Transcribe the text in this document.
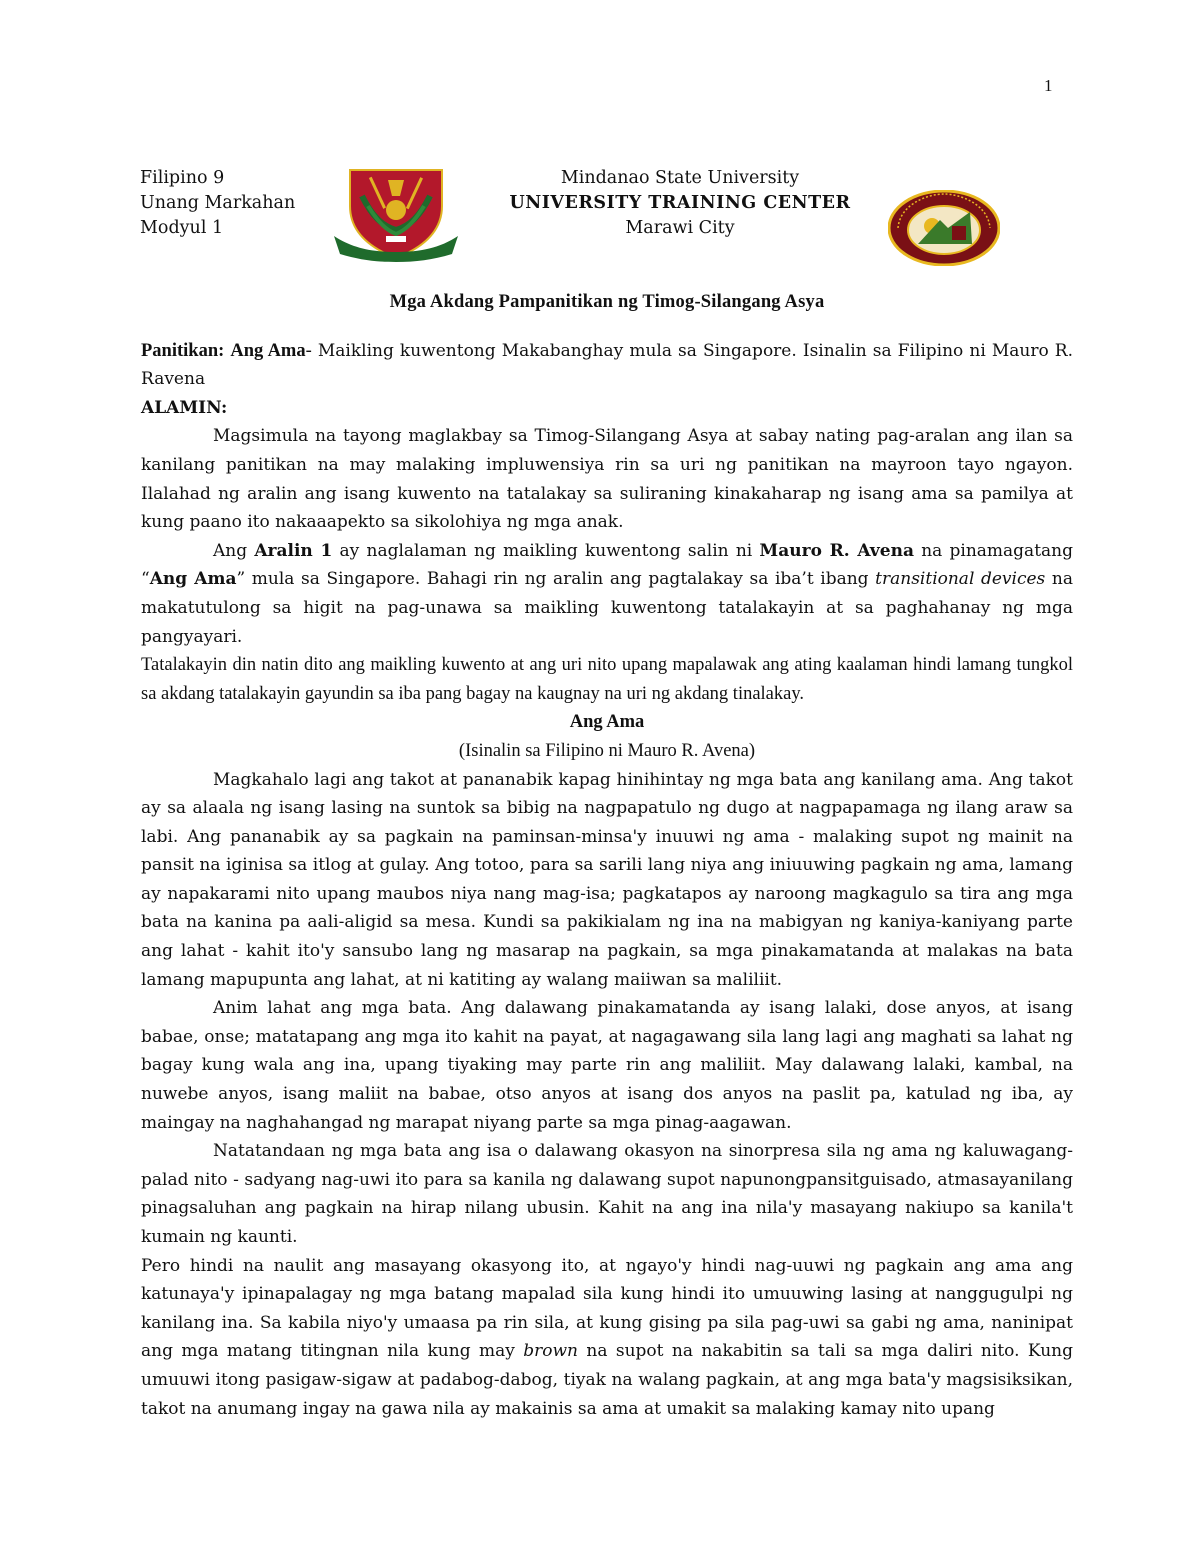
1
Filipino 9
Unang Markahan
Modyul 1
Mindanao State University
UNIVERSITY TRAINING CENTER
Marawi City

Mga Akdang Pampanitikan ng Timog-Silangang Asya

Panitikan: Ang Ama- Maikling kuwentong Makabanghay mula sa Singapore. Isinalin sa Filipino ni Mauro R. Ravena

ALAMIN:

Magsimula na tayong maglakbay sa Timog-Silangang Asya at sabay nating pag-aralan ang ilan sa kanilang panitikan na may malaking impluwensiya rin sa uri ng panitikan na mayroon tayo ngayon. Ilalahad ng aralin ang isang kuwento na tatalakay sa suliraning kinakaharap ng isang ama sa pamilya at kung paano ito nakaaapekto sa sikolohiya ng mga anak.

Ang Aralin 1 ay naglalaman ng maikling kuwentong salin ni Mauro R. Avena na pinamagatang “Ang Ama” mula sa Singapore. Bahagi rin ng aralin ang pagtalakay sa iba’t ibang transitional devices na makatutulong sa higit na pag-unawa sa maikling kuwentong tatalakayin at sa paghahanay ng mga pangyayari.

Tatalakayin din natin dito ang maikling kuwento at ang uri nito upang mapalawak ang ating kaalaman hindi lamang tungkol sa akdang tatalakayin gayundin sa iba pang bagay na kaugnay na uri ng akdang tinalakay.

Ang Ama

(Isinalin sa Filipino ni Mauro R. Avena)

Magkahalo lagi ang takot at pananabik kapag hinihintay ng mga bata ang kanilang ama. Ang takot ay sa alaala ng isang lasing na suntok sa bibig na nagpapatulo ng dugo at nagpapamaga ng ilang araw sa labi. Ang pananabik ay sa pagkain na paminsan-minsa'y inuuwi ng ama - malaking supot ng mainit na pansit na iginisa sa itlog at gulay. Ang totoo, para sa sarili lang niya ang iniuuwing pagkain ng ama, lamang ay napakarami nito upang maubos niya nang mag-isa; pagkatapos ay naroong magkagulo sa tira ang mga bata na kanina pa aali-aligid sa mesa. Kundi sa pakikialam ng ina na mabigyan ng kaniya-kaniyang parte ang lahat - kahit ito'y sansubo lang ng masarap na pagkain, sa mga pinakamatanda at malakas na bata lamang mapupunta ang lahat, at ni katiting ay walang maiiwan sa maliliit.

Anim lahat ang mga bata. Ang dalawang pinakamatanda ay isang lalaki, dose anyos, at isang babae, onse; matatapang ang mga ito kahit na payat, at nagagawang sila lang lagi ang maghati sa lahat ng bagay kung wala ang ina, upang tiyaking may parte rin ang maliliit. May dalawang lalaki, kambal, na nuwebe anyos, isang maliit na babae, otso anyos at isang dos anyos na paslit pa, katulad ng iba, ay maingay na naghahangad ng marapat niyang parte sa mga pinag-aagawan.

Natatandaan ng mga bata ang isa o dalawang okasyon na sinorpresa sila ng ama ng kaluwagang-palad nito - sadyang nag-uwi ito para sa kanila ng dalawang supot napunongpansitguisado, atmasayanilang pinagsaluhan ang pagkain na hirap nilang ubusin. Kahit na ang ina nila'y masayang nakiupo sa kanila't kumain ng kaunti.

Pero hindi na naulit ang masayang okasyong ito, at ngayo'y hindi nag-uuwi ng pagkain ang ama ang katunaya'y ipinapalagay ng mga batang mapalad sila kung hindi ito umuuwing lasing at nanggugulpi ng kanilang ina. Sa kabila niyo'y umaasa pa rin sila, at kung gising pa sila pag-uwi sa gabi ng ama, naninipat ang mga matang titingnan nila kung may brown na supot na nakabitin sa tali sa mga daliri nito. Kung umuuwi itong pasigaw-sigaw at padabog-dabog, tiyak na walang pagkain, at ang mga bata'y magsisiksikan, takot na anumang ingay na gawa nila ay makainis sa ama at umakit sa malaking kamay nito upang
